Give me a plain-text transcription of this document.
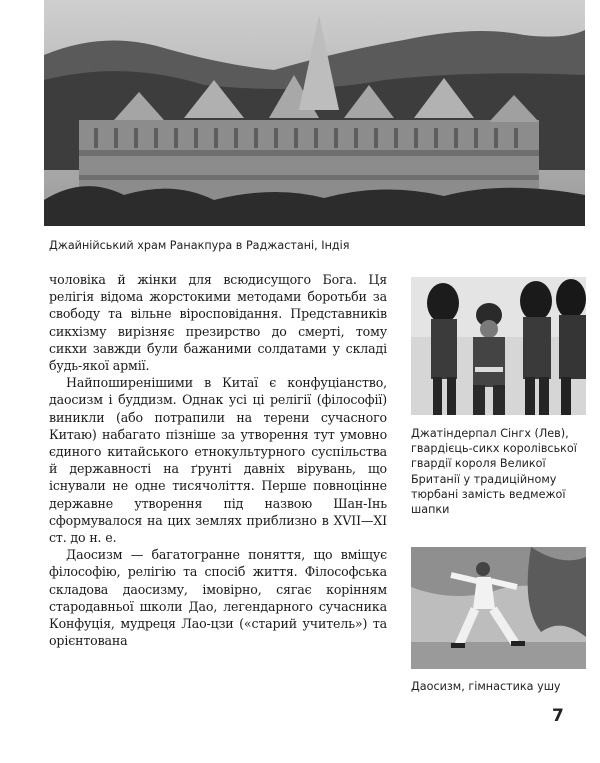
Джайнійський храм Ранакпура в Раджастані, Індія

чоловіка й жінки для всюдисущого Бога. Ця релігія відома жорстокими методами боротьби за свободу та вільне віросповідання. Представників сикхізму вирізняє презирство до смерті, тому сикхи завжди були бажаними солдатами у складі будь-якої армії.

Найпоширенішими в Китаї є конфуціанство, даосизм і буддизм. Однак усі ці релігії (філософії) виникли (або потрапили на терени сучасного Китаю) набагато пізніше за утворення тут умовно єдиного китайського етнокультурного суспільства й державності на ґрунті давніх вірувань, що існували не одне тисячоліття. Перше повноцінне державне утворення під назвою Шан-Інь сформувалося на цих землях приблизно в XVII—XI ст. до н. е.

Даосизм — багатогранне поняття, що вміщує філософію, релігію та спосіб життя. Філософська складова даосизму, імовірно, сягає корінням стародавньої школи Дао, легендарного сучасника Конфуція, мудреця Лао-цзи («старий учитель») та орієнтована

Джатіндерпал Сінгх (Лев), гвардієць-сикх королівської гвардії короля Великої Британії у традиційному тюрбані замість ведмежої шапки
Даосизм, гімнастика ушу
7
